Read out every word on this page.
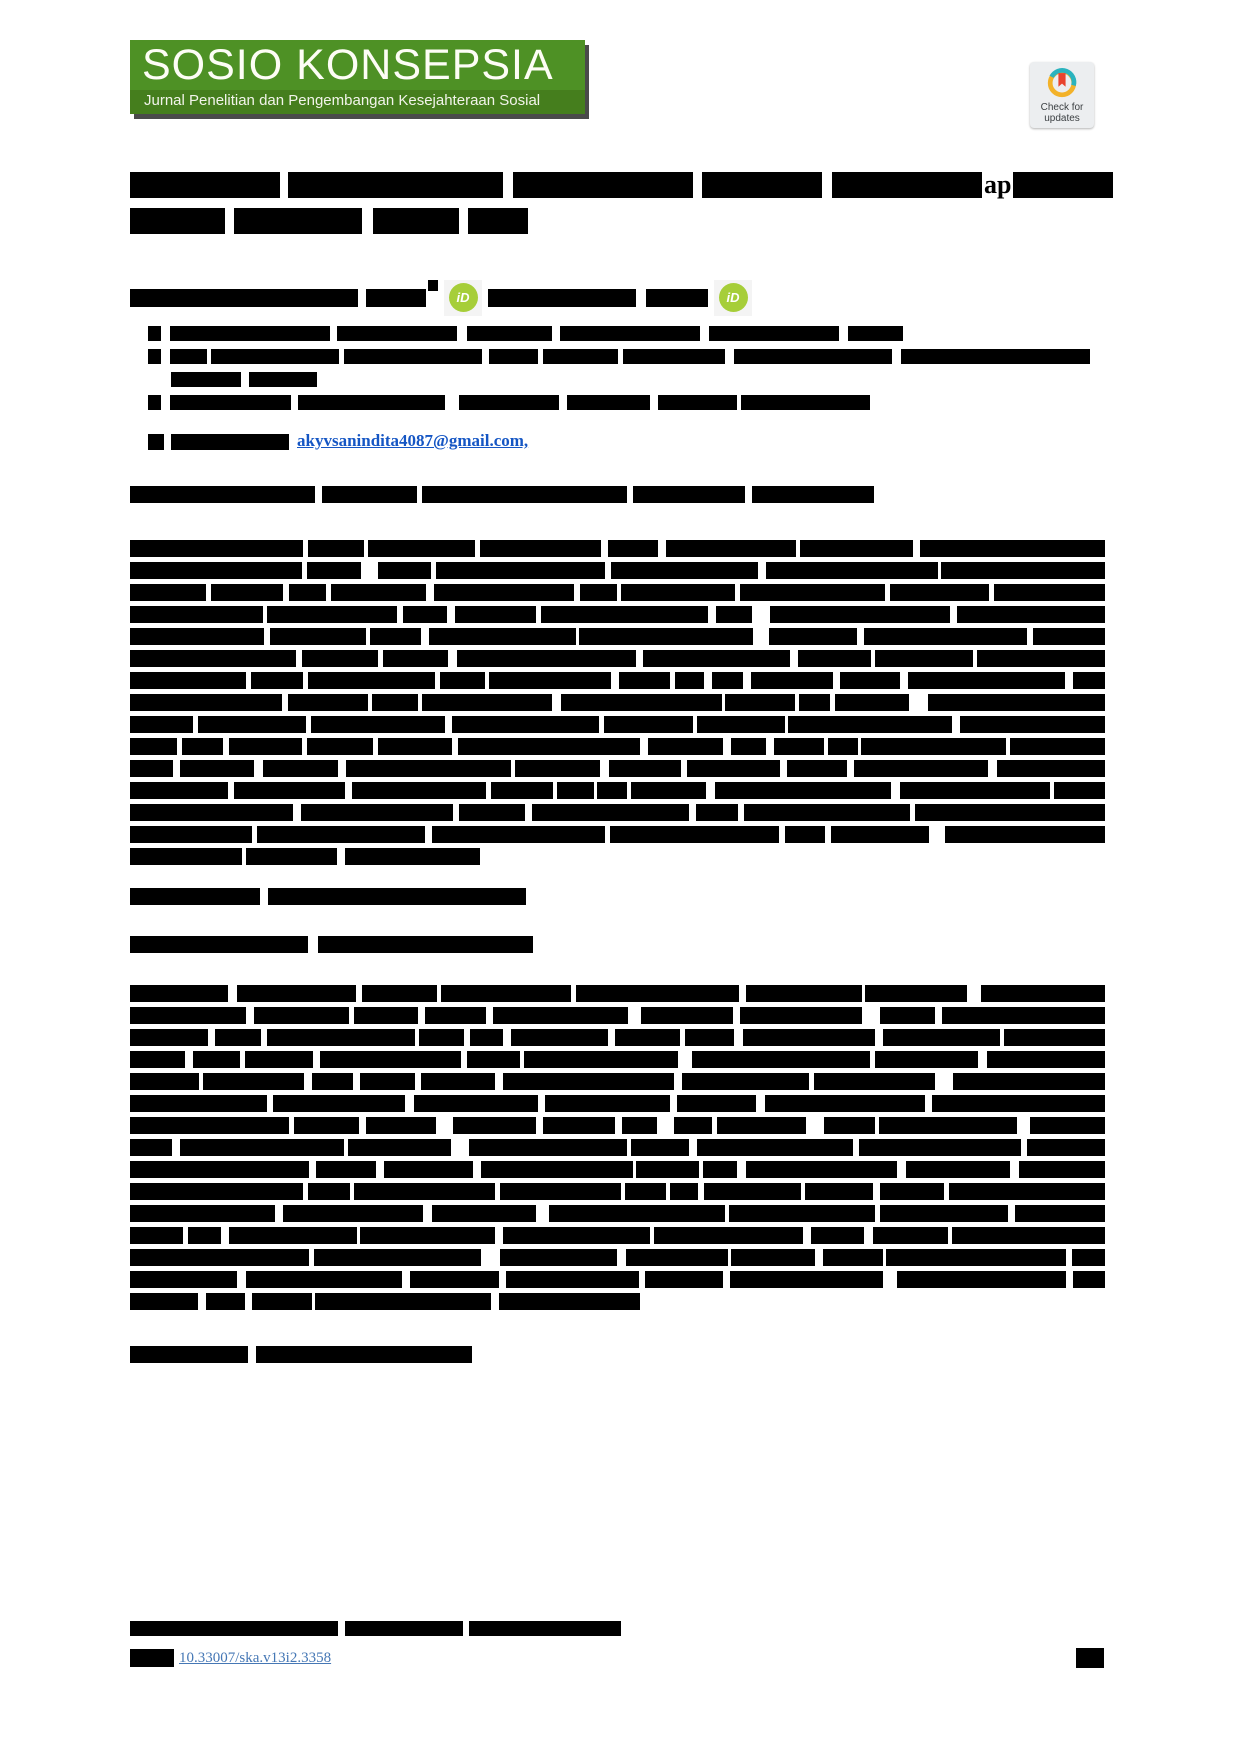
SOSIO KONSEPSIA
Jurnal Penelitian dan Pengembangan Kesejahteraan Sosial	Check for
updates
ap
iD	iD
akyvsanindita4087@gmail.com,
10.33007/ska.v13i2.3358
